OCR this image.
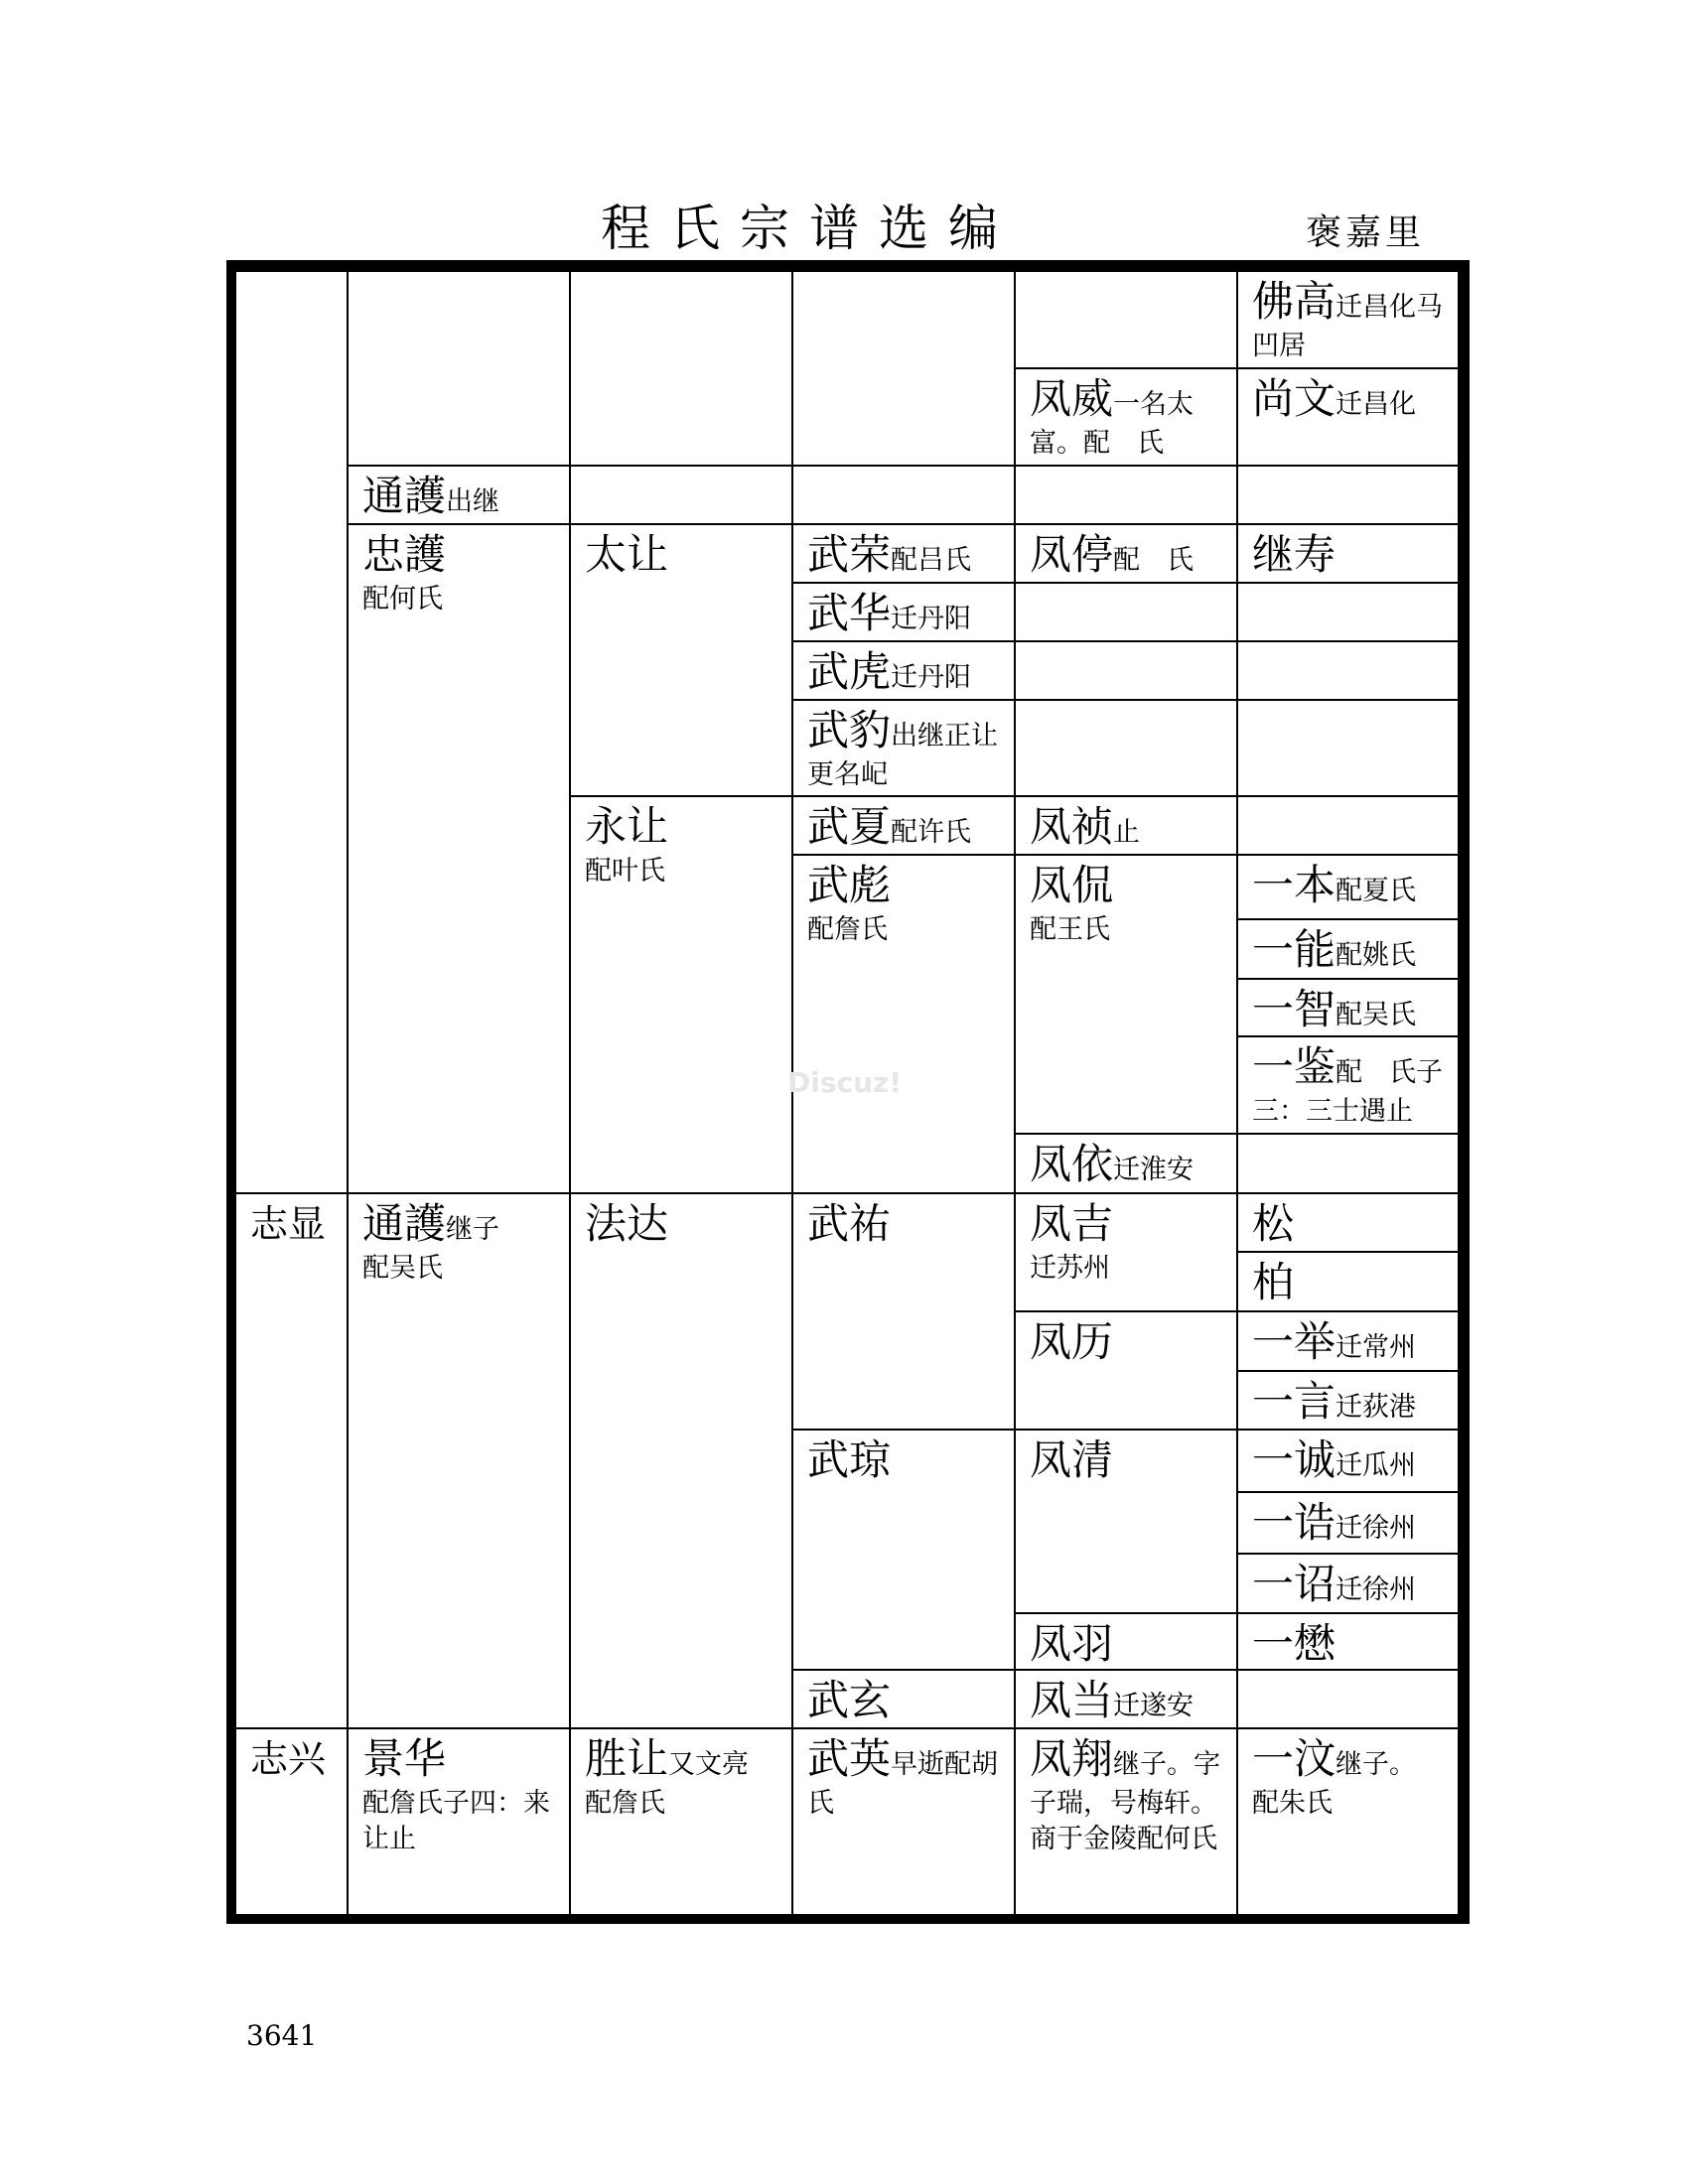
程氏宗谱选编	褒嘉里
志显
志兴
通護出继
忠護
配何氏
通護继子配吴氏
景华
配詹氏子四：来让止
太让
永让
配叶氏
法达
胜让又文亮配詹氏
武荣配吕氏
武华迁丹阳
武虎迁丹阳
武豹出继正让更名屺
武夏配许氏
武彪
配詹氏
武祐
武琼
武玄
武英早逝配胡氏
凤威一名太富。配　氏
凤停配　氏
凤祯止
凤侃
配王氏
凤依迁淮安
凤吉
迁苏州
凤历
凤清
凤羽
凤当迁遂安
凤翔继子。字子瑞，号梅轩。商于金陵配何氏
佛高迁昌化马凹居
尚文迁昌化
继寿
一本配夏氏
一能配姚氏
一智配吴氏
一鉴配　氏子三：三士遇止
松
柏
一举迁常州
一言迁荻港
一诚迁瓜州
一诰迁徐州
一诏迁徐州
一懋
一汶继子。配朱氏
Discuz!
3641
